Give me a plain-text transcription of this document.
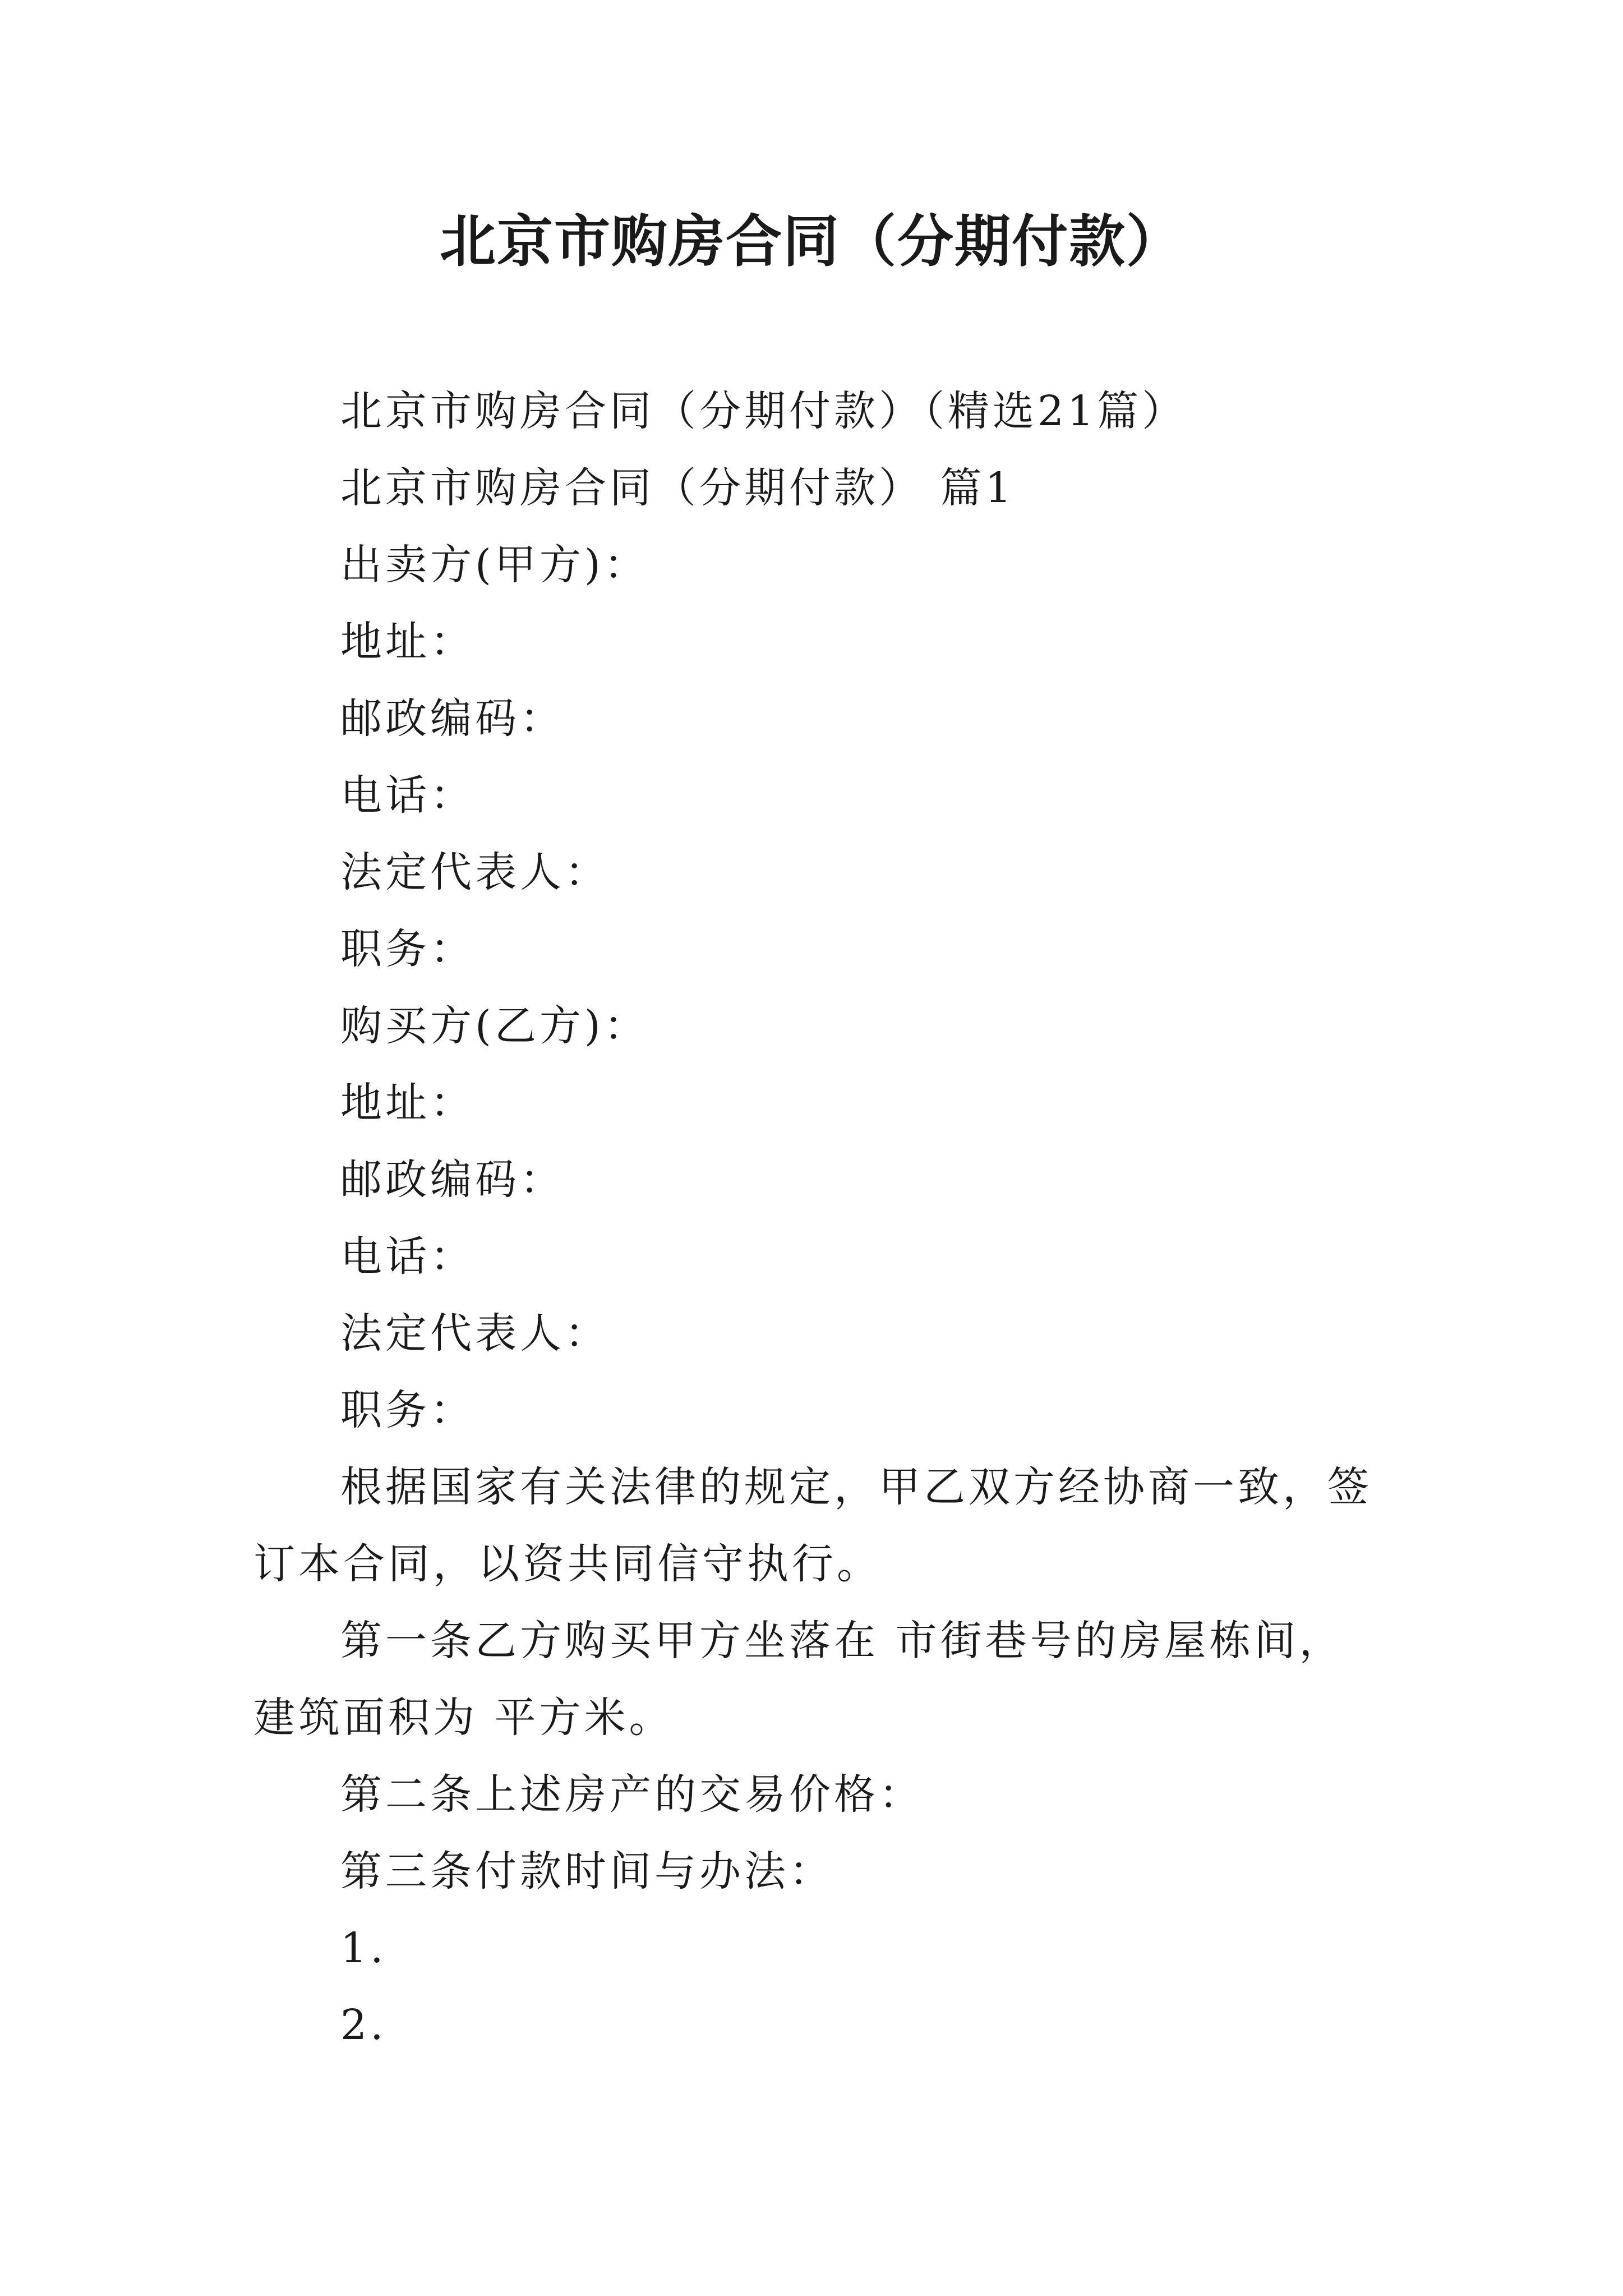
北京市购房合同（分期付款）

北京市购房合同（分期付款）（精选21篇）

北京市购房合同（分期付款） 篇1

出卖方(甲方)：

地址：

邮政编码：

电话：

法定代表人：

职务：

购买方(乙方)：

地址：

邮政编码：

电话：

法定代表人：

职务：

根据国家有关法律的规定，甲乙双方经协商一致，签订本合同，以资共同信守执行。

第一条乙方购买甲方坐落在 市街巷号的房屋栋间，建筑面积为 平方米。

第二条上述房产的交易价格：

第三条付款时间与办法：

1.

2.
